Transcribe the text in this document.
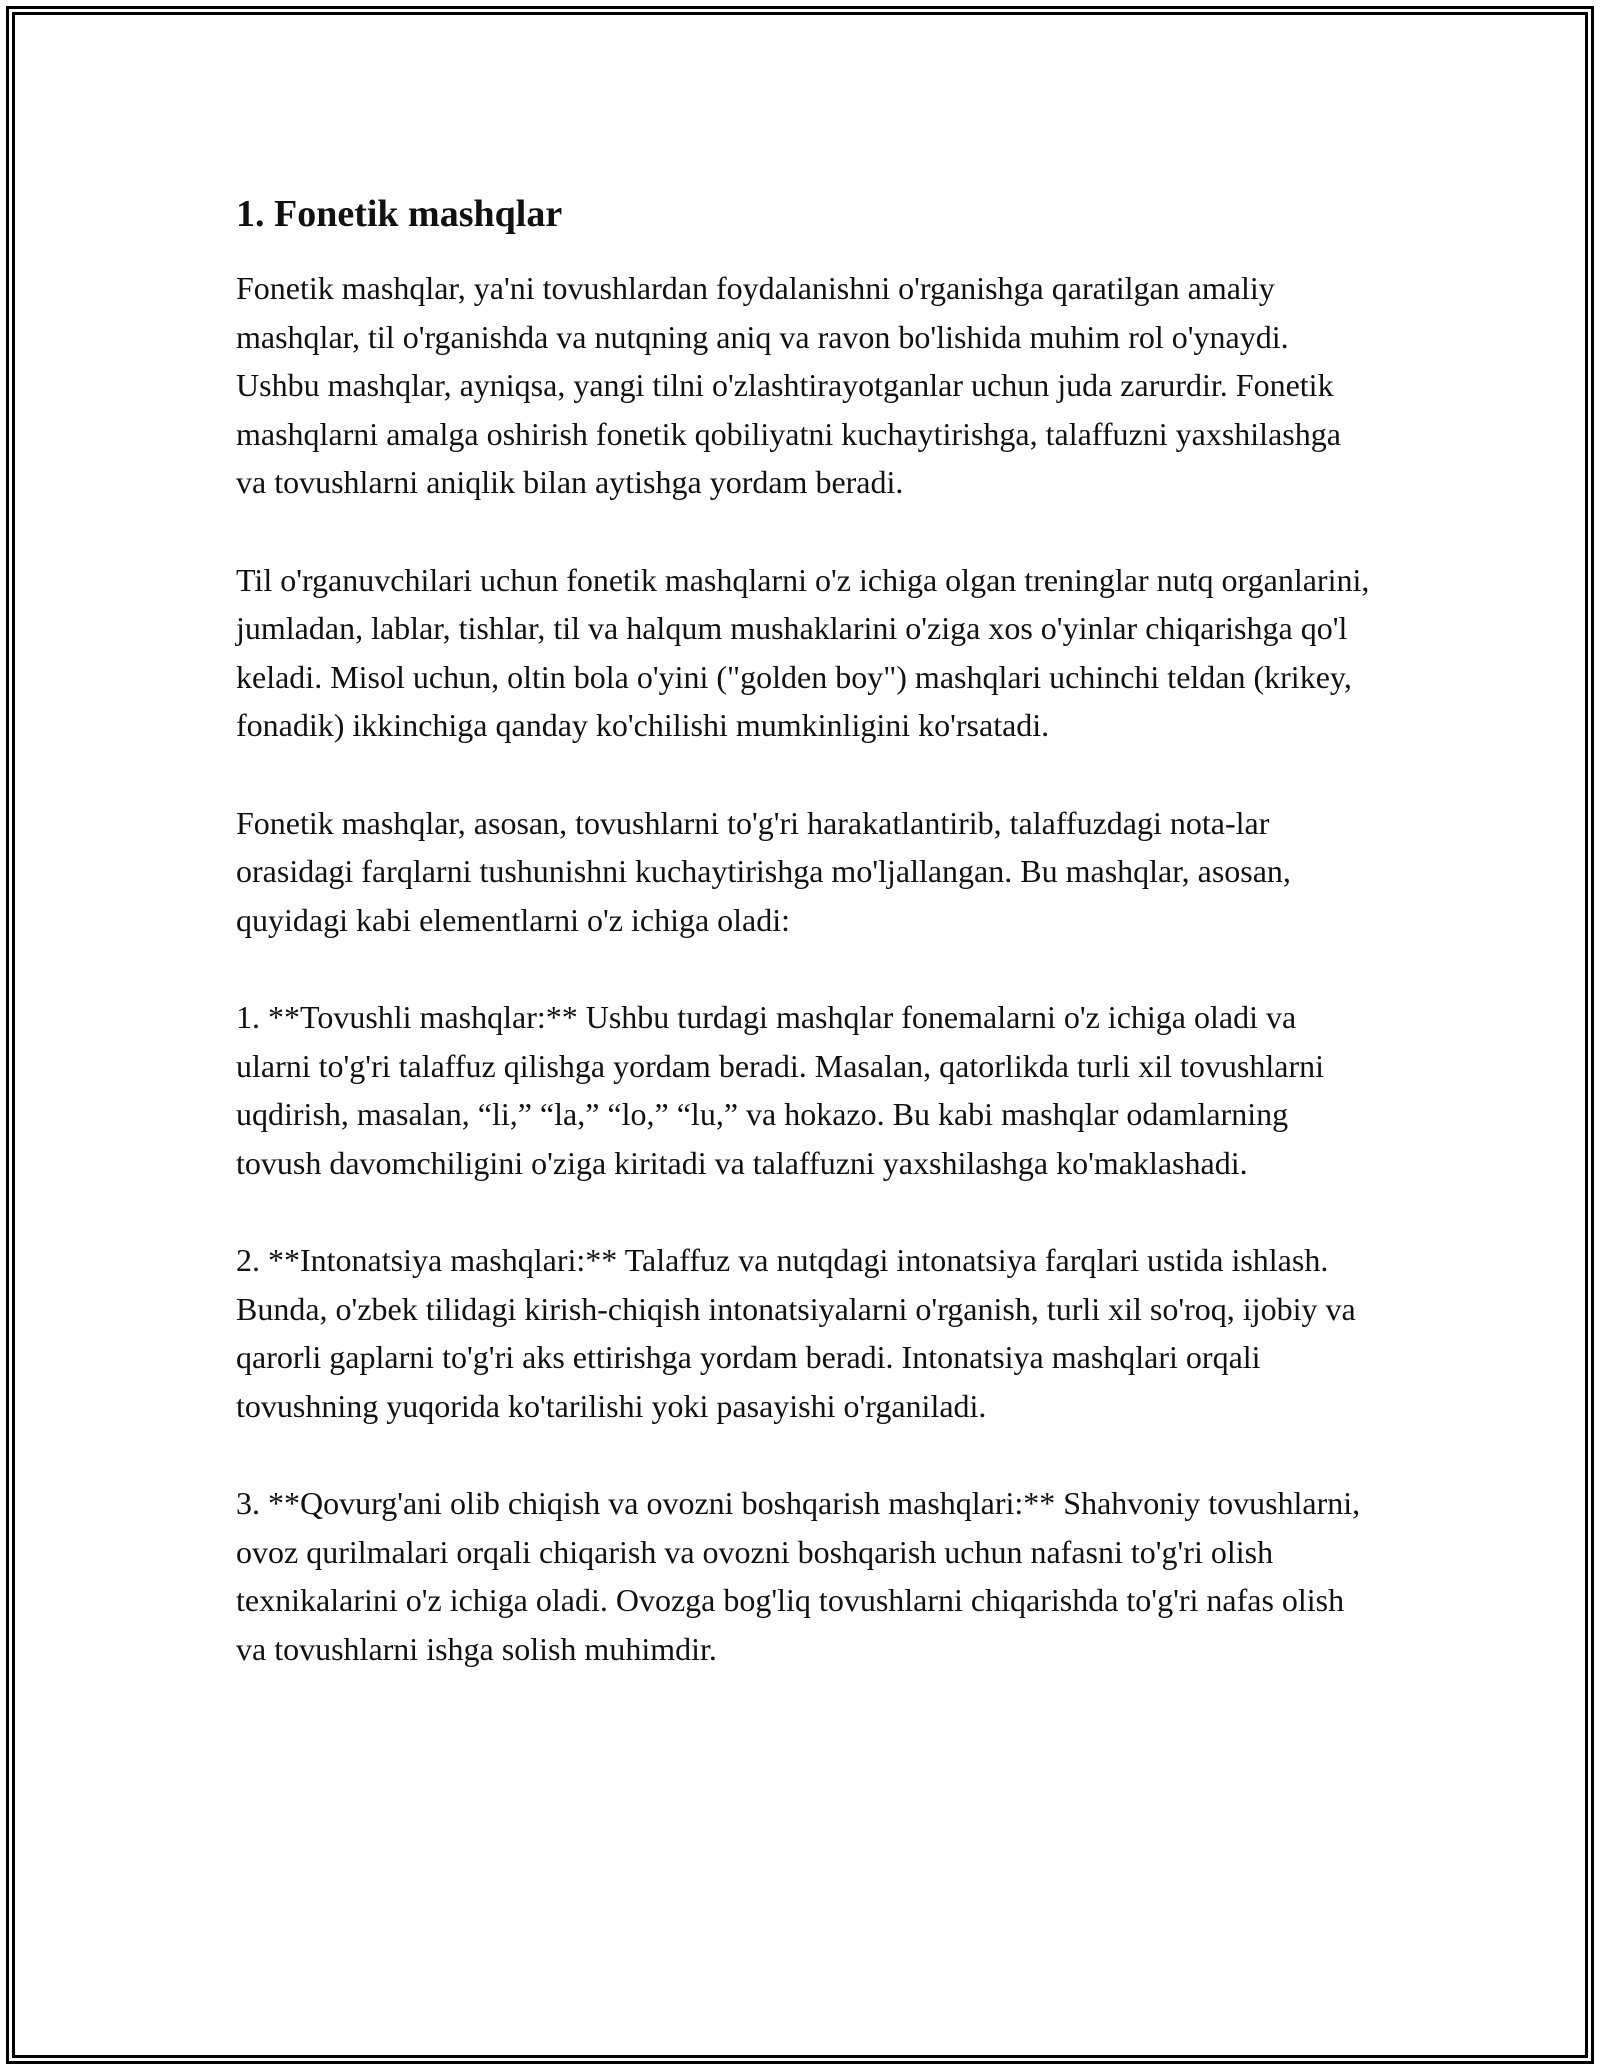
1. Fonetik mashqlar

Fonetik mashqlar, ya'ni tovushlardan foydalanishni o'rganishga qaratilgan amaliy mashqlar, til o'rganishda va nutqning aniq va ravon bo'lishida muhim rol o'ynaydi. Ushbu mashqlar, ayniqsa, yangi tilni o'zlashtirayotganlar uchun juda zarurdir. Fonetik mashqlarni amalga oshirish fonetik qobiliyatni kuchaytirishga, talaffuzni yaxshilashga va tovushlarni aniqlik bilan aytishga yordam beradi.

Til o'rganuvchilari uchun fonetik mashqlarni o'z ichiga olgan treninglar nutq organlarini, jumladan, lablar, tishlar, til va halqum mushaklarini o'ziga xos o'yinlar chiqarishga qo'l keladi. Misol uchun, oltin bola o'yini ("golden boy") mashqlari uchinchi teldan (krikey, fonadik) ikkinchiga qanday ko'chilishi mumkinligini ko'rsatadi.

Fonetik mashqlar, asosan, tovushlarni to'g'ri harakatlantirib, talaffuzdagi nota-lar orasidagi farqlarni tushunishni kuchaytirishga mo'ljallangan. Bu mashqlar, asosan, quyidagi kabi elementlarni o'z ichiga oladi:

1. **Tovushli mashqlar:** Ushbu turdagi mashqlar fonemalarni o'z ichiga oladi va ularni to'g'ri talaffuz qilishga yordam beradi. Masalan, qatorlikda turli xil tovushlarni uqdirish, masalan, “li,” “la,” “lo,” “lu,” va hokazo. Bu kabi mashqlar odamlarning tovush davomchiligini o'ziga kiritadi va talaffuzni yaxshilashga ko'maklashadi.

2. **Intonatsiya mashqlari:** Talaffuz va nutqdagi intonatsiya farqlari ustida ishlash. Bunda, o'zbek tilidagi kirish-chiqish intonatsiyalarni o'rganish, turli xil so'roq, ijobiy va qarorli gaplarni to'g'ri aks ettirishga yordam beradi. Intonatsiya mashqlari orqali tovushning yuqorida ko'tarilishi yoki pasayishi o'rganiladi.

3. **Qovurg'ani olib chiqish va ovozni boshqarish mashqlari:** Shahvoniy tovushlarni, ovoz qurilmalari orqali chiqarish va ovozni boshqarish uchun nafasni to'g'ri olish texnikalarini o'z ichiga oladi. Ovozga bog'liq tovushlarni chiqarishda to'g'ri nafas olish va tovushlarni ishga solish muhimdir.
